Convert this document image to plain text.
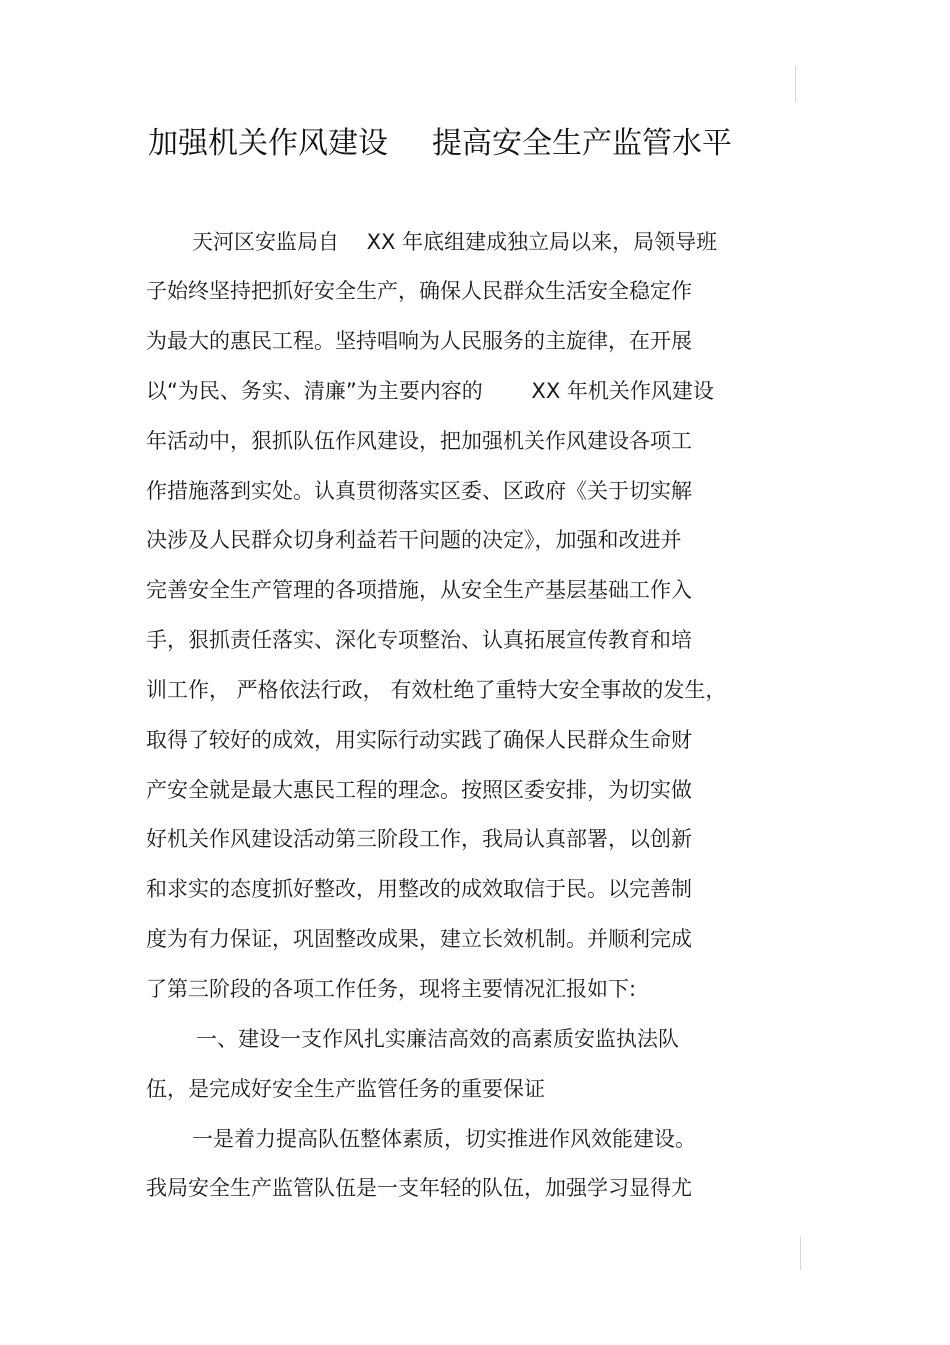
加强机关作风建设 提高安全生产监管水平
天河区安监局自　 XX 年底组建成独立局以来，局领导班
子始终坚持把抓好安全生产，确保人民群众生活安全稳定作
为最大的惠民工程。坚持唱响为人民服务的主旋律，在开展
以“为民、务实、清廉”为主要内容的　　 XX 年机关作风建设
年活动中，狠抓队伍作风建设，把加强机关作风建设各项工
作措施落到实处。认真贯彻落实区委、区政府《关于切实解
决涉及人民群众切身利益若干问题的决定》，加强和改进并
完善安全生产管理的各项措施，从安全生产基层基础工作入
手，狠抓责任落实、深化专项整治、认真拓展宣传教育和培
训工作， 严格依法行政， 有效杜绝了重特大安全事故的发生，
取得了较好的成效，用实际行动实践了确保人民群众生命财
产安全就是最大惠民工程的理念。按照区委安排，为切实做
好机关作风建设活动第三阶段工作，我局认真部署，以创新
和求实的态度抓好整改，用整改的成效取信于民。以完善制
度为有力保证，巩固整改成果，建立长效机制。并顺利完成
了第三阶段的各项工作任务，现将主要情况汇报如下:
一、建设一支作风扎实廉洁高效的高素质安监执法队
伍，是完成好安全生产监管任务的重要保证
一是着力提高队伍整体素质，切实推进作风效能建设。
我局安全生产监管队伍是一支年轻的队伍，加强学习显得尤
